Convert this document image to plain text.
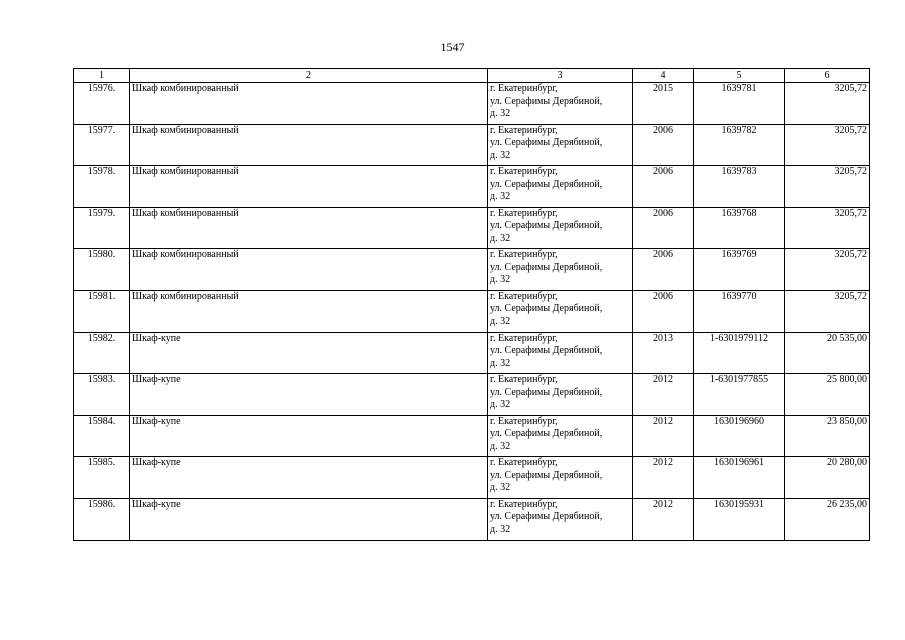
1547
1	2	3	4	5	6
15976.	Шкаф комбинированный	г. Екатеринбург,
ул. Серафимы Дерябиной,
д. 32	2015	1639781	3205,72
15977.	Шкаф комбинированный	г. Екатеринбург,
ул. Серафимы Дерябиной,
д. 32	2006	1639782	3205,72
15978.	Шкаф комбинированный	г. Екатеринбург,
ул. Серафимы Дерябиной,
д. 32	2006	1639783	3205,72
15979.	Шкаф комбинированный	г. Екатеринбург,
ул. Серафимы Дерябиной,
д. 32	2006	1639768	3205,72
15980.	Шкаф комбинированный	г. Екатеринбург,
ул. Серафимы Дерябиной,
д. 32	2006	1639769	3205,72
15981.	Шкаф комбинированный	г. Екатеринбург,
ул. Серафимы Дерябиной,
д. 32	2006	1639770	3205,72
15982.	Шкаф-купе	г. Екатеринбург,
ул. Серафимы Дерябиной,
д. 32	2013	1-6301979112	20 535,00
15983.	Шкаф-купе	г. Екатеринбург,
ул. Серафимы Дерябиной,
д. 32	2012	1-6301977855	25 800,00
15984.	Шкаф-купе	г. Екатеринбург,
ул. Серафимы Дерябиной,
д. 32	2012	1630196960	23 850,00
15985.	Шкаф-купе	г. Екатеринбург,
ул. Серафимы Дерябиной,
д. 32	2012	1630196961	20 280,00
15986.	Шкаф-купе	г. Екатеринбург,
ул. Серафимы Дерябиной,
д. 32	2012	1630195931	26 235,00
